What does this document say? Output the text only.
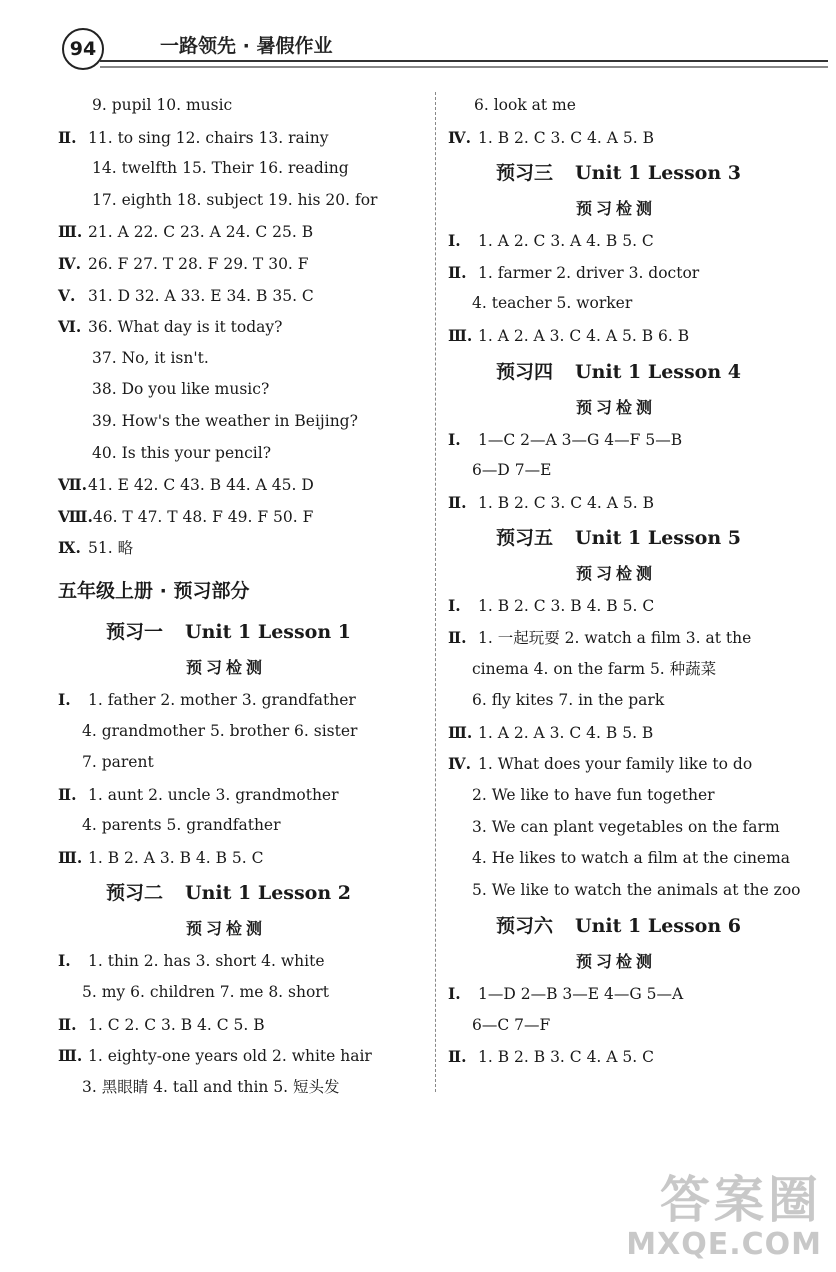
94	一路领先 · 暑假作业
9. pupil 10. music
Ⅱ. 11. to sing 12. chairs 13. rainy
14. twelfth 15. Their 16. reading
17. eighth 18. subject 19. his 20. for
Ⅲ. 21. A 22. C 23. A 24. C 25. B
Ⅳ. 26. F 27. T 28. F 29. T 30. F
Ⅴ. 31. D 32. A 33. E 34. B 35. C
Ⅵ. 36. What day is it today?
37. No, it isn't.
38. Do you like music?
39. How's the weather in Beijing?
40. Is this your pencil?
Ⅶ.41. E 42. C 43. B 44. A 45. D
Ⅷ.46. T 47. T 48. F 49. F 50. F
Ⅸ. 51. 略
五年级上册 · 预习部分
预习一 Unit 1 Lesson 1
预习检测
Ⅰ. 1. father 2. mother 3. grandfather
4. grandmother 5. brother 6. sister
7. parent
Ⅱ. 1. aunt 2. uncle 3. grandmother
4. parents 5. grandfather
Ⅲ. 1. B 2. A 3. B 4. B 5. C
预习二 Unit 1 Lesson 2
预习检测
Ⅰ. 1. thin 2. has 3. short 4. white
5. my 6. children 7. me 8. short
Ⅱ. 1. C 2. C 3. B 4. C 5. B
Ⅲ. 1. eighty-one years old 2. white hair
3. 黑眼睛 4. tall and thin 5. 短头发
6. look at me
Ⅳ. 1. B 2. C 3. C 4. A 5. B
预习三 Unit 1 Lesson 3
预习检测
Ⅰ. 1. A 2. C 3. A 4. B 5. C
Ⅱ. 1. farmer 2. driver 3. doctor
4. teacher 5. worker
Ⅲ. 1. A 2. A 3. C 4. A 5. B 6. B
预习四 Unit 1 Lesson 4
预习检测
Ⅰ. 1—C 2—A 3—G 4—F 5—B
6—D 7—E
Ⅱ. 1. B 2. C 3. C 4. A 5. B
预习五 Unit 1 Lesson 5
预习检测
Ⅰ. 1. B 2. C 3. B 4. B 5. C
Ⅱ. 1. 一起玩耍 2. watch a film 3. at the
cinema 4. on the farm 5. 种蔬菜
6. fly kites 7. in the park
Ⅲ. 1. A 2. A 3. C 4. B 5. B
Ⅳ. 1. What does your family like to do
2. We like to have fun together
3. We can plant vegetables on the farm
4. He likes to watch a film at the cinema
5. We like to watch the animals at the zoo
预习六 Unit 1 Lesson 6
预习检测
Ⅰ. 1—D 2—B 3—E 4—G 5—A
6—C 7—F
Ⅱ. 1. B 2. B 3. C 4. A 5. C
答案圈
MXQE.COM
